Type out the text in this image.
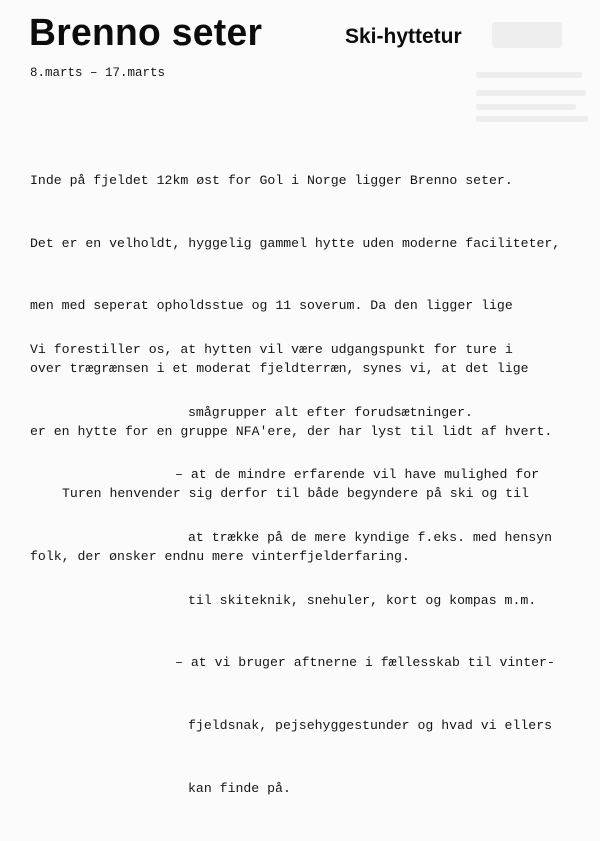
Brenno seter	Ski-hyttetur
8.marts – 17.marts

Inde på fjeldet 12km øst for Gol i Norge ligger Brenno seter.

Det er en velholdt, hyggelig gammel hytte uden moderne faciliteter,

men med seperat opholdsstue og 11 soverum. Da den ligger lige

over trægrænsen i et moderat fjeldterræn, synes vi, at det lige

er en hytte for en gruppe NFA'ere, der har lyst til lidt af hvert.

Turen henvender sig derfor til både begyndere på ski og til

folk, der ønsker endnu mere vinterfjelderfaring.

Vi forestiller os, at hytten vil være udgangspunkt for ture i

smågrupper alt efter forudsætninger.

– at de mindre erfarende vil have mulighed for

at trække på de mere kyndige f.eks. med hensyn

til skiteknik, snehuler, kort og kompas m.m.

– at vi bruger aftnerne i fællesskab til vinter-

fjeldsnak, pejsehyggestunder og hvad vi ellers

kan finde på.
